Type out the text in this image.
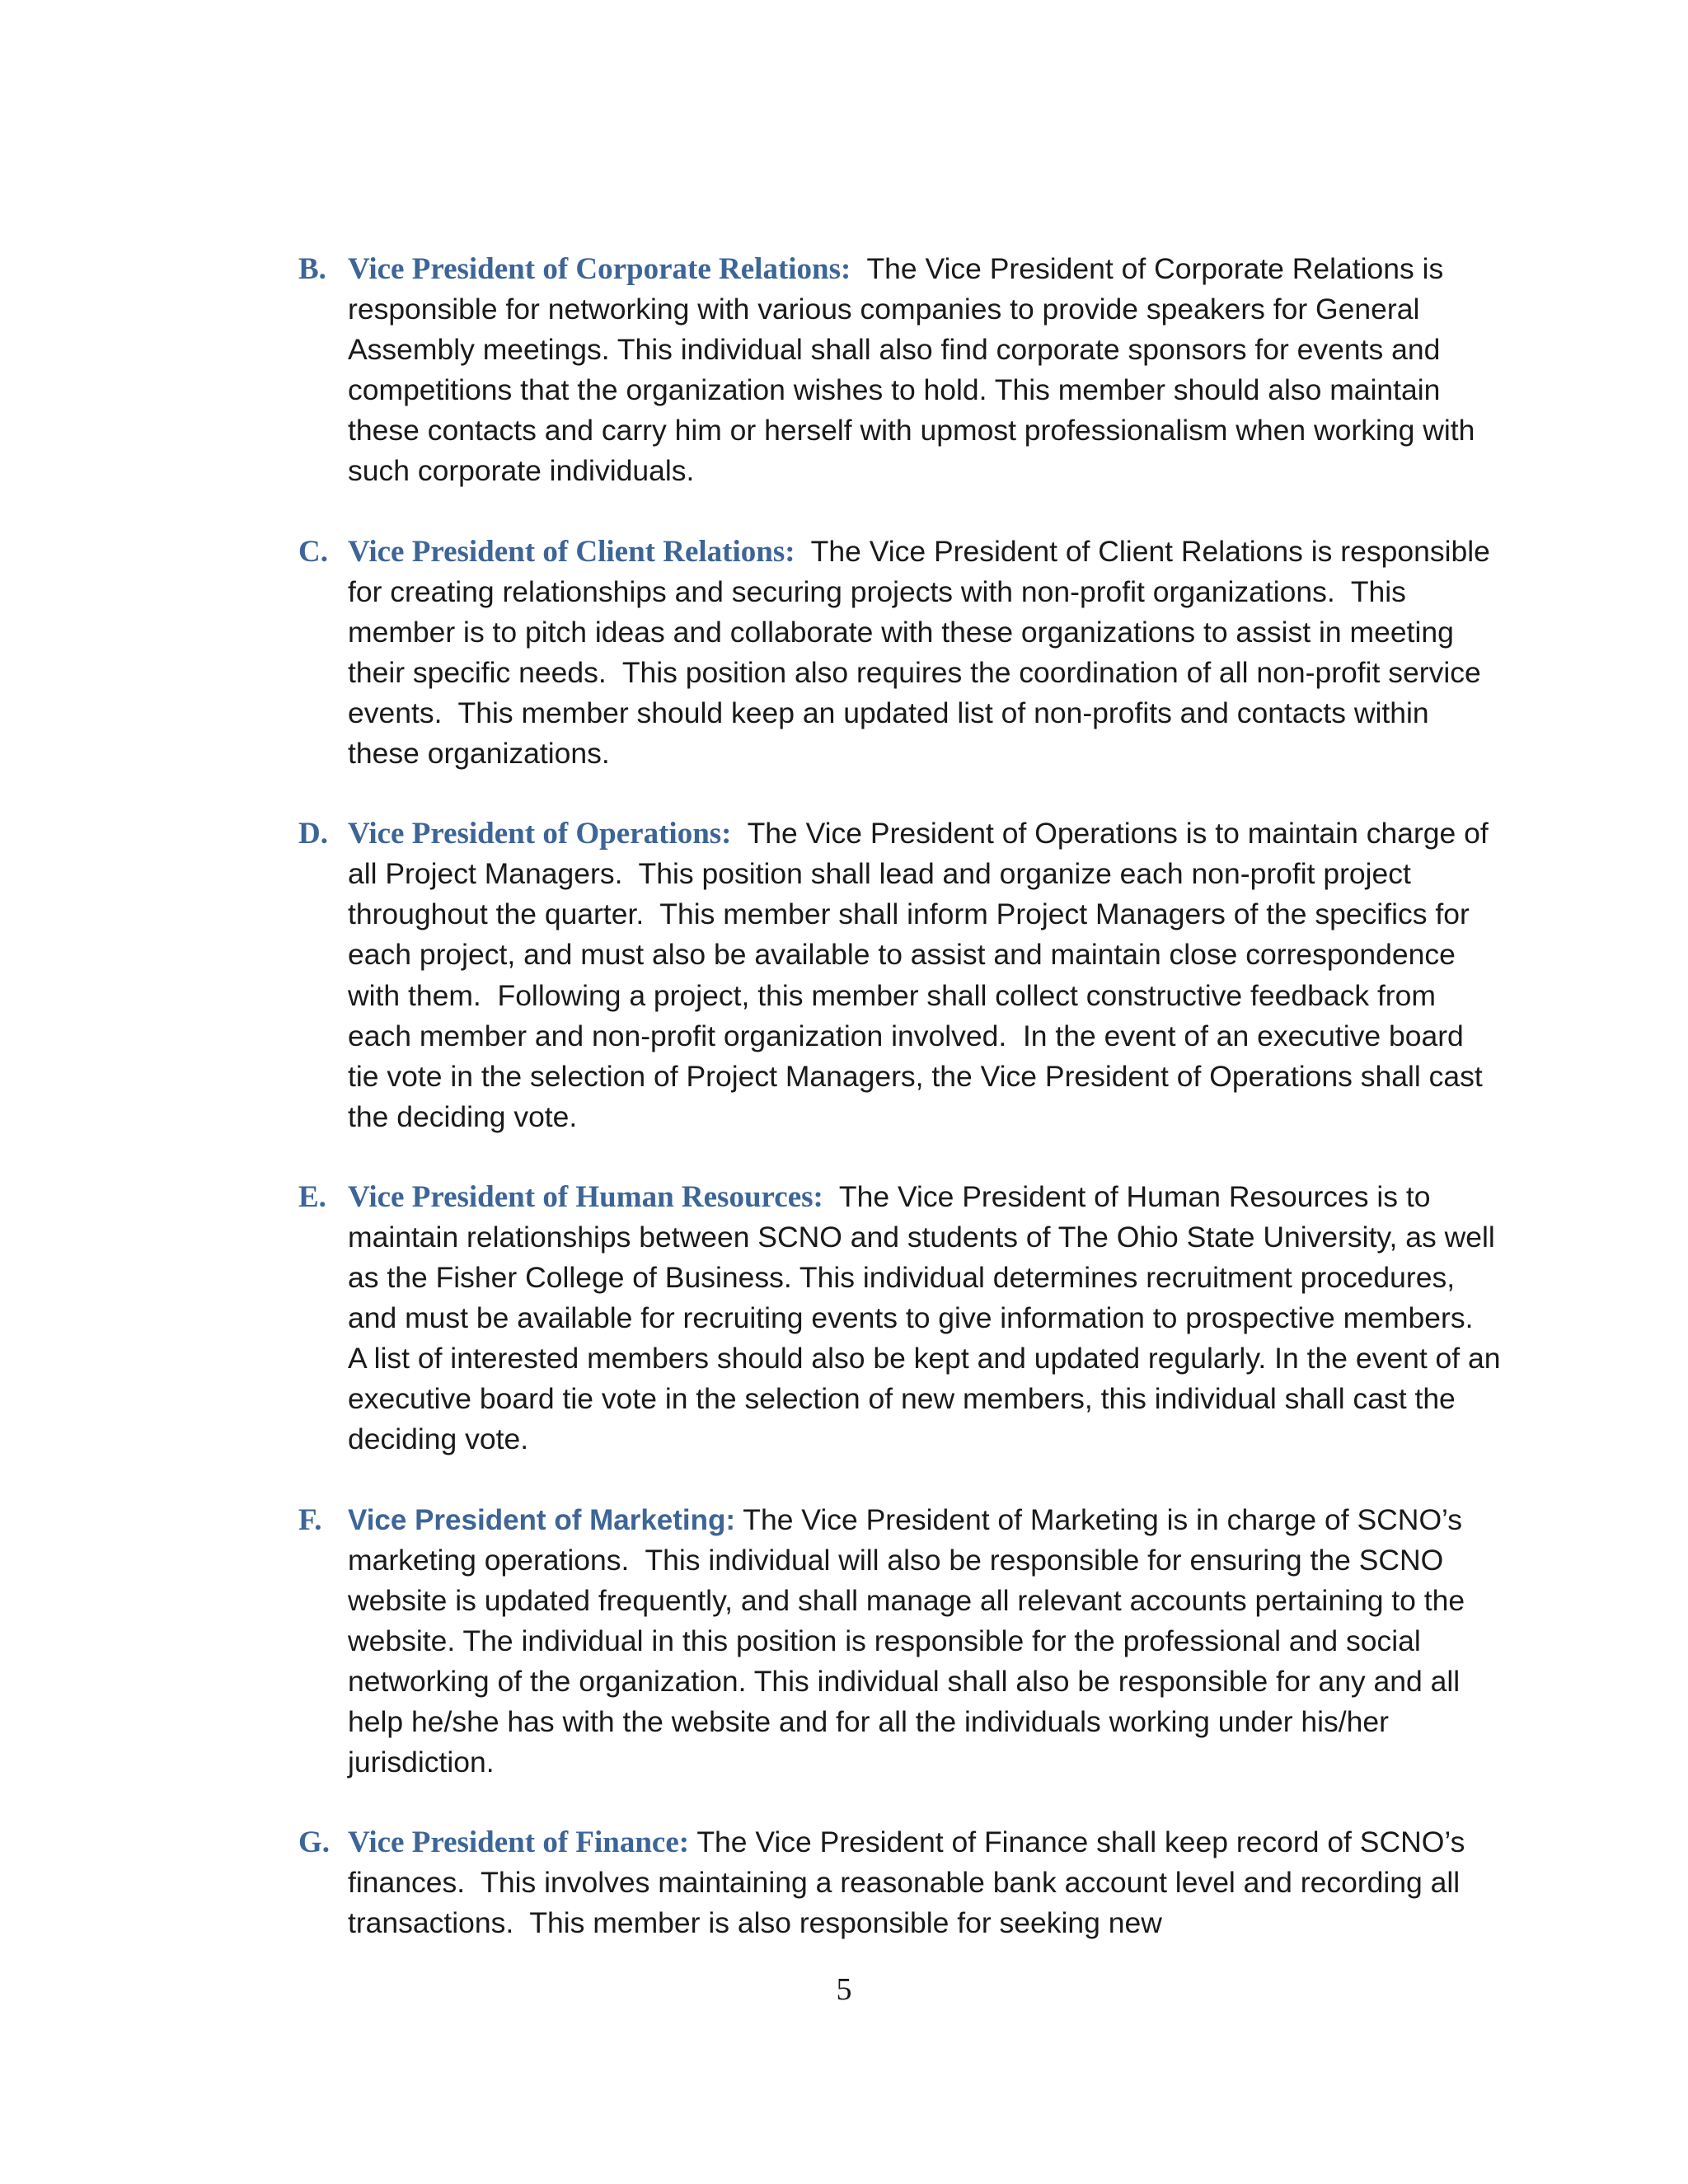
B. Vice President of Corporate Relations:  The Vice President of Corporate Relations is responsible for networking with various companies to provide speakers for General Assembly meetings. This individual shall also find corporate sponsors for events and competitions that the organization wishes to hold. This member should also maintain these contacts and carry him or herself with upmost professionalism when working with such corporate individuals.
C. Vice President of Client Relations:  The Vice President of Client Relations is responsible for creating relationships and securing projects with non-profit organizations.  This member is to pitch ideas and collaborate with these organizations to assist in meeting their specific needs.  This position also requires the coordination of all non-profit service events.  This member should keep an updated list of non-profits and contacts within these organizations.
D. Vice President of Operations:  The Vice President of Operations is to maintain charge of all Project Managers.  This position shall lead and organize each non-profit project throughout the quarter.  This member shall inform Project Managers of the specifics for each project, and must also be available to assist and maintain close correspondence with them.  Following a project, this member shall collect constructive feedback from each member and non-profit organization involved.  In the event of an executive board tie vote in the selection of Project Managers, the Vice President of Operations shall cast the deciding vote.
E. Vice President of Human Resources:  The Vice President of Human Resources is to maintain relationships between SCNO and students of The Ohio State University, as well as the Fisher College of Business. This individual determines recruitment procedures, and must be available for recruiting events to give information to prospective members.  A list of interested members should also be kept and updated regularly. In the event of an executive board tie vote in the selection of new members, this individual shall cast the deciding vote.
F. Vice President of Marketing: The Vice President of Marketing is in charge of SCNO’s marketing operations.  This individual will also be responsible for ensuring the SCNO website is updated frequently, and shall manage all relevant accounts pertaining to the website. The individual in this position is responsible for the professional and social networking of the organization. This individual shall also be responsible for any and all help he/she has with the website and for all the individuals working under his/her jurisdiction.
G. Vice President of Finance: The Vice President of Finance shall keep record of SCNO’s finances.  This involves maintaining a reasonable bank account level and recording all transactions.  This member is also responsible for seeking new
5
